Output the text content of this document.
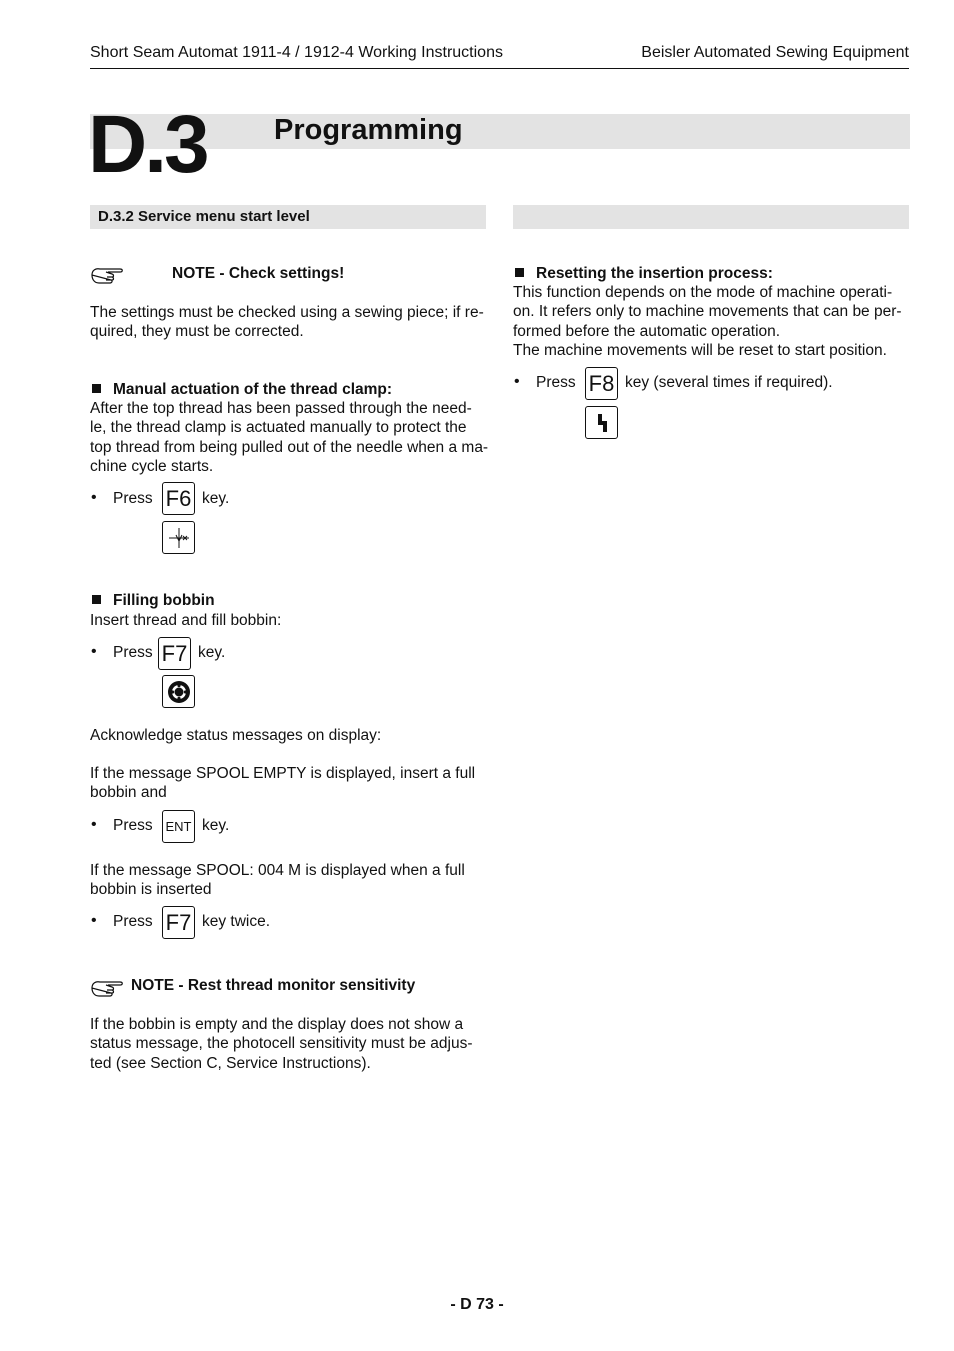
Short Seam Automat 1911-4 / 1912-4 Working Instructions	Beisler Automated Sewing Equipment
D.3 Programming
D.3.2 Service menu start level
NOTE - Check settings!
The settings must be checked using a sewing piece; if re-
quired, they must be corrected.
Manual actuation of the thread clamp:
After the top thread has been passed through the need-
le, the thread clamp is actuated manually to protect the
top thread from being pulled out of the needle when a ma-
chine cycle starts.
• Press F6 key.
Filling bobbin
Insert thread and fill bobbin:
• Press F7 key.
Acknowledge status messages on display:
If the message SPOOL EMPTY is displayed, insert a full
bobbin and
• Press ENT key.
If the message SPOOL: 004 M is displayed when a full
bobbin is inserted
• Press F7 key twice.
NOTE - Rest thread monitor sensitivity
If the bobbin is empty and the display does not show a
status message, the photocell sensitivity must be adjus-
ted (see Section C, Service Instructions).
Resetting the insertion process:
This function depends on the mode of machine operati-
on. It refers only to machine movements that can be per-
formed before the automatic operation.
The machine movements will be reset to start position.
• Press F8 key (several times if required).
- D 73 -
